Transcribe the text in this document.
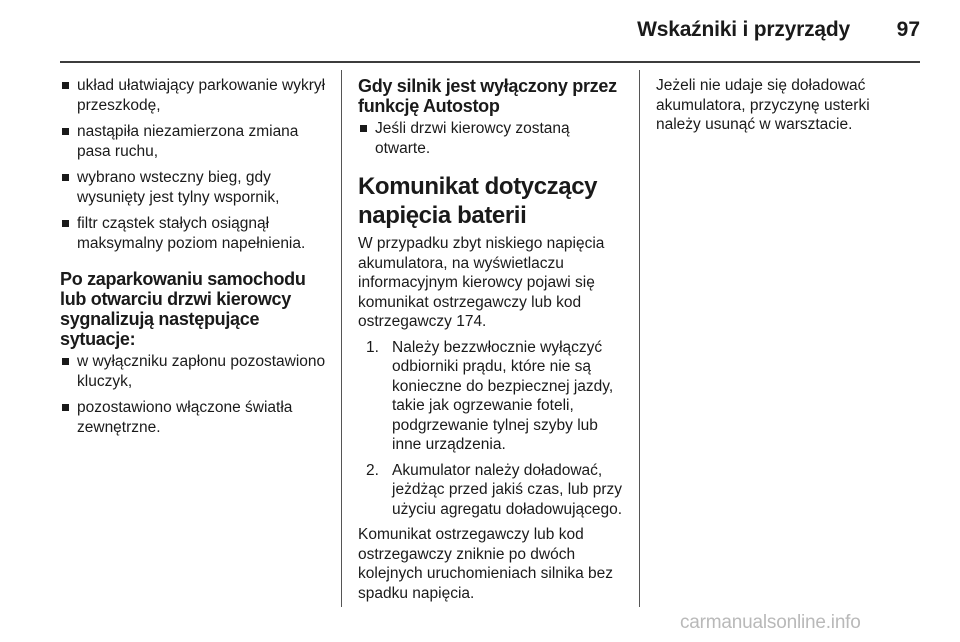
Wskaźniki i przyrządy	97
układ ułatwiający parkowanie wykrył przeszkodę,
nastąpiła niezamierzona zmiana pasa ruchu,
wybrano wsteczny bieg, gdy wysunięty jest tylny wspornik,
filtr cząstek stałych osiągnął maksymalny poziom napełnienia.
Po zaparkowaniu samochodu lub otwarciu drzwi kierowcy sygnalizują następujące sytuacje:
w wyłączniku zapłonu pozostawiono kluczyk,
pozostawiono włączone światła zewnętrzne.
Gdy silnik jest wyłączony przez funkcję Autostop
Jeśli drzwi kierowcy zostaną otwarte.
Komunikat dotyczący napięcia baterii

W przypadku zbyt niskiego napięcia akumulatora, na wyświetlaczu informacyjnym kierowcy pojawi się komunikat ostrzegawczy lub kod ostrzegawczy 174.

1. Należy bezzwłocznie wyłączyć odbiorniki prądu, które nie są konieczne do bezpiecznej jazdy, takie jak ogrzewanie foteli, podgrzewanie tylnej szyby lub inne urządzenia.
2. Akumulator należy doładować, jeżdżąc przed jakiś czas, lub przy użyciu agregatu doładowującego.

Komunikat ostrzegawczy lub kod ostrzegawczy zniknie po dwóch kolejnych uruchomieniach silnika bez spadku napięcia.

Jeżeli nie udaje się doładować akumulatora, przyczynę usterki należy usunąć w warsztacie.

carmanualsonline.info
